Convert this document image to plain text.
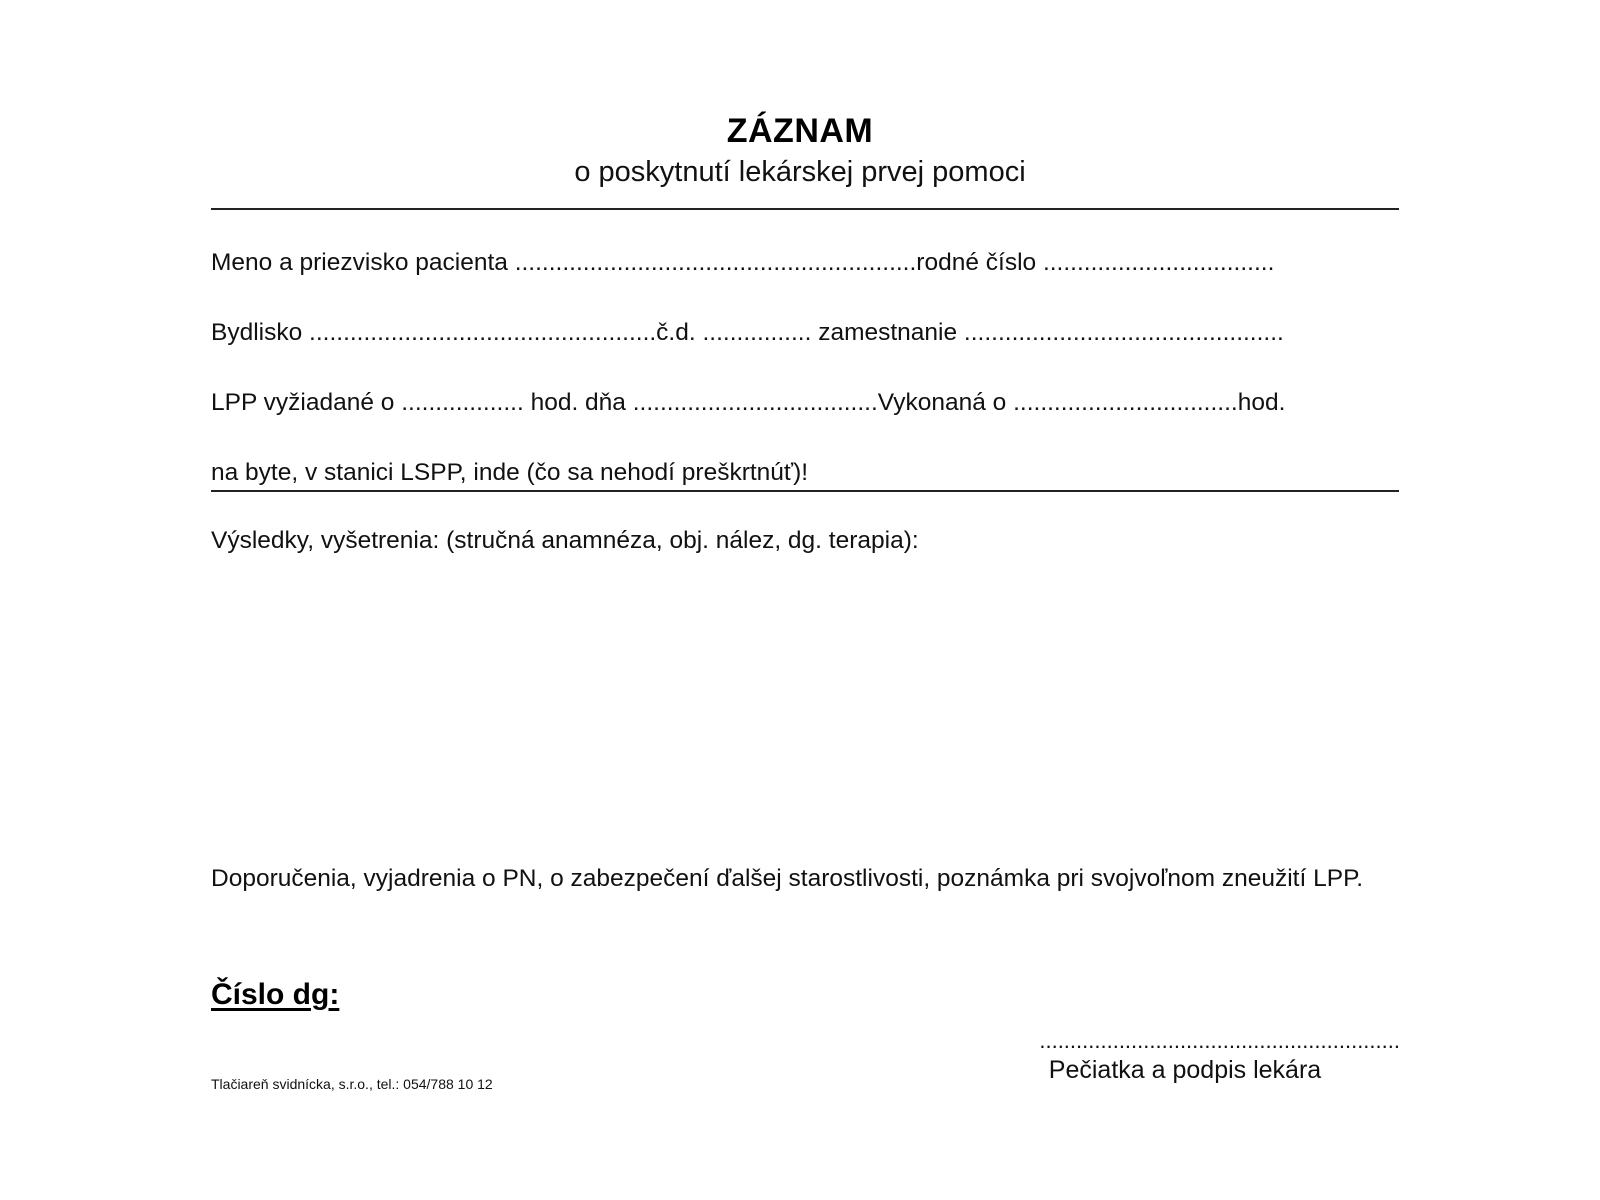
ZÁZNAM
o poskytnutí lekárskej prvej pomoci
Meno a priezvisko pacienta ...........................................................rodné číslo ..................................
Bydlisko ...................................................č.d. ................ zamestnanie ...............................................
LPP vyžiadané o .................. hod. dňa ....................................Vykonaná o .................................hod.
na byte, v stanici LSPP, inde (čo sa nehodí preškrtnúť)!
Výsledky, vyšetrenia: (stručná anamnéza, obj. nález, dg. terapia):
Doporučenia, vyjadrenia o PN, o zabezpečení ďalšej starostlivosti, poznámka pri svojvoľnom zneužití LPP.
Číslo dg:
...........................................................
Pečiatka a podpis lekára
Tlačiareň svidnícka, s.r.o., tel.: 054/788 10 12
